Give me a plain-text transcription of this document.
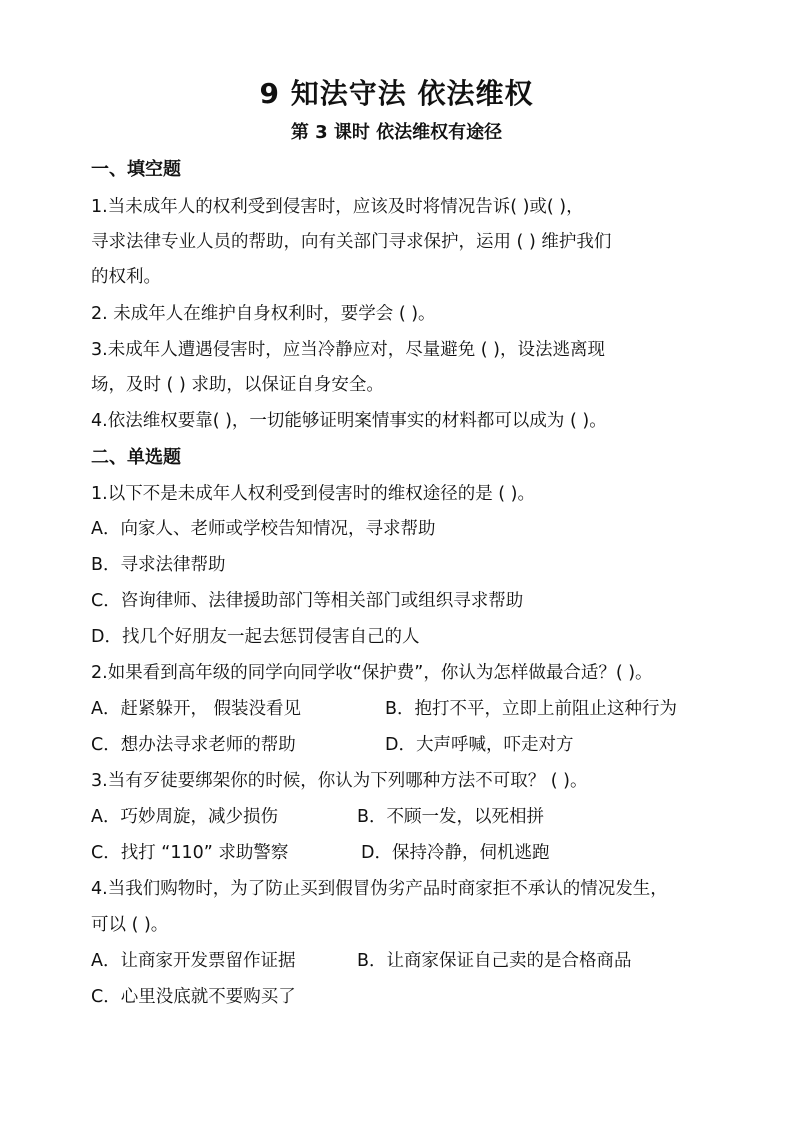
9 知法守法 依法维权
第 3 课时 依法维权有途径
一、填空题
1.当未成年人的权利受到侵害时，应该及时将情况告诉( )或( )，
寻求法律专业人员的帮助，向有关部门寻求保护，运用 ( ) 维护我们
的权利。
2. 未成年人在维护自身权利时，要学会 ( )。
3.未成年人遭遇侵害时，应当冷静应对，尽量避免 ( )，设法逃离现
场，及时 ( ) 求助，以保证自身安全。
4.依法维权要靠( )，一切能够证明案情事实的材料都可以成为 ( )。
二、单选题
1.以下不是未成年人权利受到侵害时的维权途径的是 ( )。
A．向家人、老师或学校告知情况，寻求帮助
B．寻求法律帮助
C．咨询律师、法律援助部门等相关部门或组织寻求帮助
D．找几个好朋友一起去惩罚侵害自己的人
2.如果看到高年级的同学向同学收“保护费”，你认为怎样做最合适？( )。
A．赶紧躲开， 假装没看见	B．抱打不平，立即上前阻止这种行为
C．想办法寻求老师的帮助	D．大声呼喊，吓走对方
3.当有歹徒要绑架你的时候，你认为下列哪种方法不可取？ ( )。
A．巧妙周旋，减少损伤	B．不顾一发，以死相拼
C．找打 “110” 求助警察	D．保持冷静，伺机逃跑
4.当我们购物时，为了防止买到假冒伪劣产品时商家拒不承认的情况发生，
可以 ( )。
A．让商家开发票留作证据	B．让商家保证自己卖的是合格商品
C．心里没底就不要购买了
